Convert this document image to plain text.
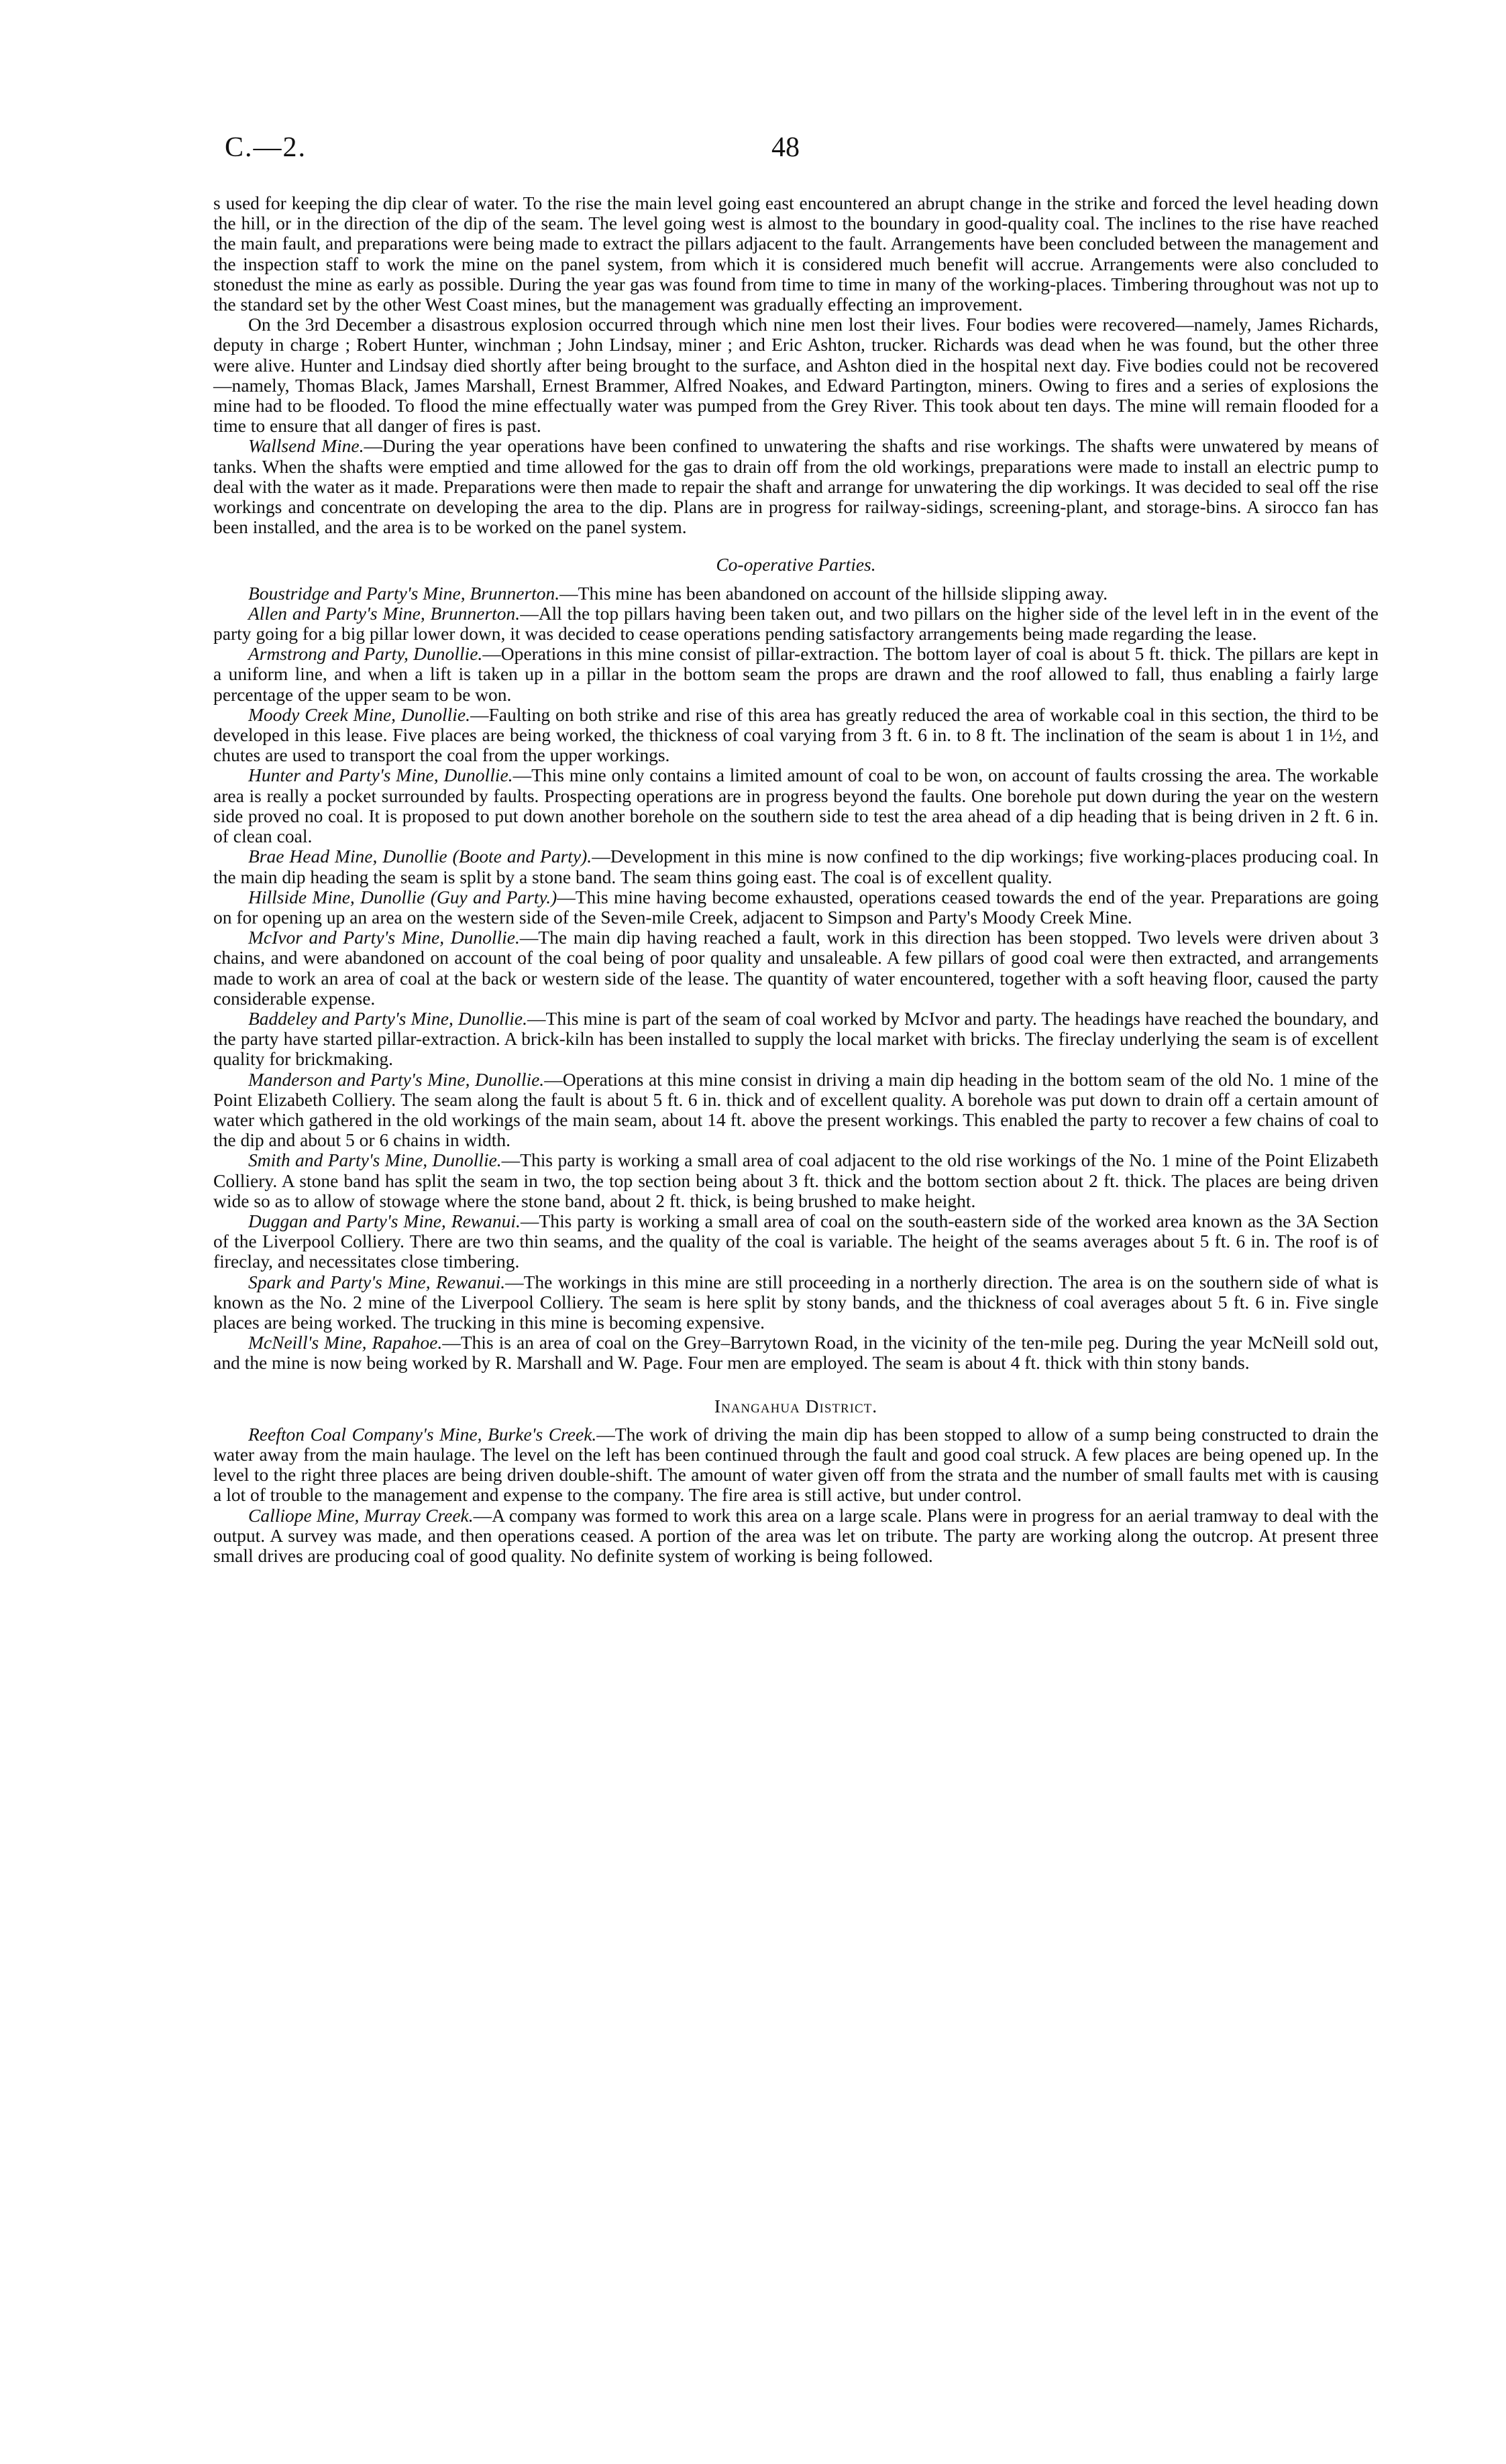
C.—2.	48

s used for keeping the dip clear of water. To the rise the main level going east encountered an abrupt change in the strike and forced the level heading down the hill, or in the direction of the dip of the seam. The level going west is almost to the boundary in good-quality coal. The inclines to the rise have reached the main fault, and preparations were being made to extract the pillars adjacent to the fault. Arrangements have been concluded between the management and the inspection staff to work the mine on the panel system, from which it is considered much benefit will accrue. Arrangements were also concluded to stonedust the mine as early as possible. During the year gas was found from time to time in many of the working-places. Timbering throughout was not up to the standard set by the other West Coast mines, but the management was gradually effecting an improvement.

On the 3rd December a disastrous explosion occurred through which nine men lost their lives. Four bodies were recovered—namely, James Richards, deputy in charge ; Robert Hunter, winchman ; John Lindsay, miner ; and Eric Ashton, trucker. Richards was dead when he was found, but the other three were alive. Hunter and Lindsay died shortly after being brought to the surface, and Ashton died in the hospital next day. Five bodies could not be recovered—namely, Thomas Black, James Marshall, Ernest Brammer, Alfred Noakes, and Edward Partington, miners. Owing to fires and a series of explosions the mine had to be flooded. To flood the mine effectually water was pumped from the Grey River. This took about ten days. The mine will remain flooded for a time to ensure that all danger of fires is past.

Wallsend Mine.—During the year operations have been confined to unwatering the shafts and rise workings. The shafts were unwatered by means of tanks. When the shafts were emptied and time allowed for the gas to drain off from the old workings, preparations were made to install an electric pump to deal with the water as it made. Preparations were then made to repair the shaft and arrange for unwatering the dip workings. It was decided to seal off the rise workings and concentrate on developing the area to the dip. Plans are in progress for railway-sidings, screening-plant, and storage-bins. A sirocco fan has been installed, and the area is to be worked on the panel system.

Co-operative Parties.

Boustridge and Party's Mine, Brunnerton.—This mine has been abandoned on account of the hillside slipping away.

Allen and Party's Mine, Brunnerton.—All the top pillars having been taken out, and two pillars on the higher side of the level left in in the event of the party going for a big pillar lower down, it was decided to cease operations pending satisfactory arrangements being made regarding the lease.

Armstrong and Party, Dunollie.—Operations in this mine consist of pillar-extraction. The bottom layer of coal is about 5 ft. thick. The pillars are kept in a uniform line, and when a lift is taken up in a pillar in the bottom seam the props are drawn and the roof allowed to fall, thus enabling a fairly large percentage of the upper seam to be won.

Moody Creek Mine, Dunollie.—Faulting on both strike and rise of this area has greatly reduced the area of workable coal in this section, the third to be developed in this lease. Five places are being worked, the thickness of coal varying from 3 ft. 6 in. to 8 ft. The inclination of the seam is about 1 in 1½, and chutes are used to transport the coal from the upper workings.

Hunter and Party's Mine, Dunollie.—This mine only contains a limited amount of coal to be won, on account of faults crossing the area. The workable area is really a pocket surrounded by faults. Prospecting operations are in progress beyond the faults. One borehole put down during the year on the western side proved no coal. It is proposed to put down another borehole on the southern side to test the area ahead of a dip heading that is being driven in 2 ft. 6 in. of clean coal.

Brae Head Mine, Dunollie (Boote and Party).—Development in this mine is now confined to the dip workings; five working-places producing coal. In the main dip heading the seam is split by a stone band. The seam thins going east. The coal is of excellent quality.

Hillside Mine, Dunollie (Guy and Party.)—This mine having become exhausted, operations ceased towards the end of the year. Preparations are going on for opening up an area on the western side of the Seven-mile Creek, adjacent to Simpson and Party's Moody Creek Mine.

McIvor and Party's Mine, Dunollie.—The main dip having reached a fault, work in this direction has been stopped. Two levels were driven about 3 chains, and were abandoned on account of the coal being of poor quality and unsaleable. A few pillars of good coal were then extracted, and arrangements made to work an area of coal at the back or western side of the lease. The quantity of water encountered, together with a soft heaving floor, caused the party considerable expense.

Baddeley and Party's Mine, Dunollie.—This mine is part of the seam of coal worked by McIvor and party. The headings have reached the boundary, and the party have started pillar-extraction. A brick-kiln has been installed to supply the local market with bricks. The fireclay underlying the seam is of excellent quality for brickmaking.

Manderson and Party's Mine, Dunollie.—Operations at this mine consist in driving a main dip heading in the bottom seam of the old No. 1 mine of the Point Elizabeth Colliery. The seam along the fault is about 5 ft. 6 in. thick and of excellent quality. A borehole was put down to drain off a certain amount of water which gathered in the old workings of the main seam, about 14 ft. above the present workings. This enabled the party to recover a few chains of coal to the dip and about 5 or 6 chains in width.

Smith and Party's Mine, Dunollie.—This party is working a small area of coal adjacent to the old rise workings of the No. 1 mine of the Point Elizabeth Colliery. A stone band has split the seam in two, the top section being about 3 ft. thick and the bottom section about 2 ft. thick. The places are being driven wide so as to allow of stowage where the stone band, about 2 ft. thick, is being brushed to make height.

Duggan and Party's Mine, Rewanui.—This party is working a small area of coal on the south-eastern side of the worked area known as the 3A Section of the Liverpool Colliery. There are two thin seams, and the quality of the coal is variable. The height of the seams averages about 5 ft. 6 in. The roof is of fireclay, and necessitates close timbering.

Spark and Party's Mine, Rewanui.—The workings in this mine are still proceeding in a northerly direction. The area is on the southern side of what is known as the No. 2 mine of the Liverpool Colliery. The seam is here split by stony bands, and the thickness of coal averages about 5 ft. 6 in. Five single places are being worked. The trucking in this mine is becoming expensive.

McNeill's Mine, Rapahoe.—This is an area of coal on the Grey–Barrytown Road, in the vicinity of the ten-mile peg. During the year McNeill sold out, and the mine is now being worked by R. Marshall and W. Page. Four men are employed. The seam is about 4 ft. thick with thin stony bands.

Inangahua District.

Reefton Coal Company's Mine, Burke's Creek.—The work of driving the main dip has been stopped to allow of a sump being constructed to drain the water away from the main haulage. The level on the left has been continued through the fault and good coal struck. A few places are being opened up. In the level to the right three places are being driven double-shift. The amount of water given off from the strata and the number of small faults met with is causing a lot of trouble to the management and expense to the company. The fire area is still active, but under control.

Calliope Mine, Murray Creek.—A company was formed to work this area on a large scale. Plans were in progress for an aerial tramway to deal with the output. A survey was made, and then operations ceased. A portion of the area was let on tribute. The party are working along the outcrop. At present three small drives are producing coal of good quality. No definite system of working is being followed.
